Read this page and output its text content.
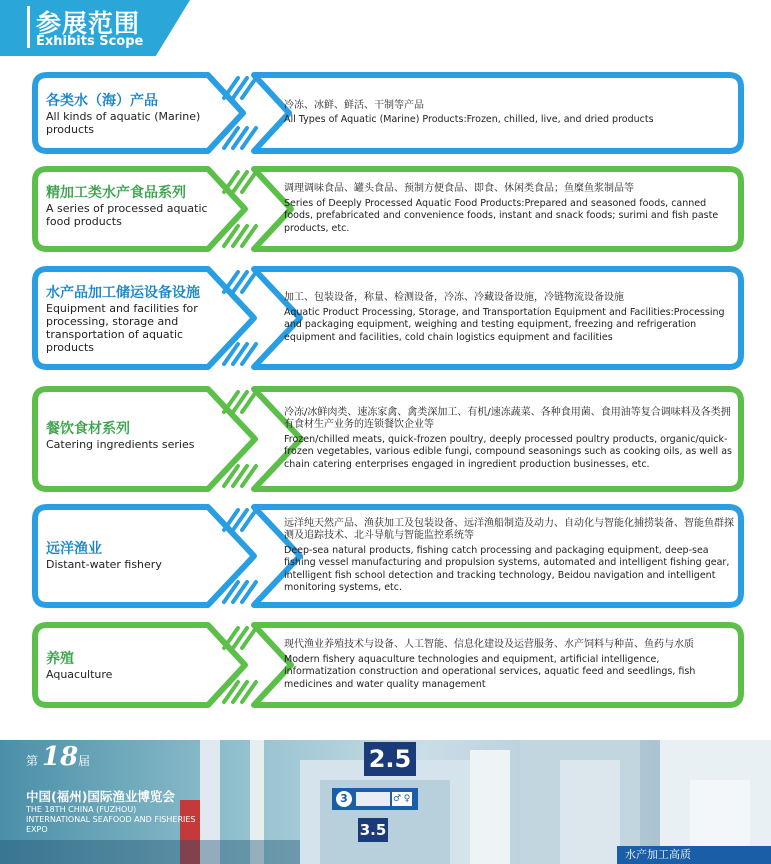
参展范围
Exhibits Scope
各类水（海）产品
All kinds of aquatic (Marine) products
冷冻、冰鲜、鲜活、干制等产品
All Types of Aquatic (Marine) Products:Frozen, chilled, live, and dried products
精加工类水产食品系列
A series of processed aquatic food products
调理调味食品、罐头食品、预制方便食品、即食、休闲类食品；鱼糜鱼浆制品等
Series of Deeply Processed Aquatic Food Products:Prepared and seasoned foods, canned foods, prefabricated and convenience foods, instant and snack foods; surimi and fish paste products, etc.
水产品加工储运设备设施
Equipment and facilities for processing, storage and transportation of aquatic products
加工、包装设备，称量、检测设备，冷冻、冷藏设备设施，冷链物流设备设施
Aquatic Product Processing, Storage, and Transportation Equipment and Facilities:Processing and packaging equipment, weighing and testing equipment, freezing and refrigeration equipment and facilities, cold chain logistics equipment and facilities
餐饮食材系列
Catering ingredients series
冷冻/冰鲜肉类、速冻家禽、禽类深加工、有机/速冻蔬菜、各种食用菌、食用油等复合调味料及各类拥有食材生产业务的连锁餐饮企业等
Frozen/chilled meats, quick-frozen poultry, deeply processed poultry products, organic/quick-frozen vegetables, various edible fungi, compound seasonings such as cooking oils, as well as chain catering enterprises engaged in ingredient production businesses, etc.
远洋渔业
Distant-water fishery
远洋纯天然产品、渔获加工及包装设备、远洋渔船制造及动力、自动化与智能化捕捞装备、智能鱼群探测及追踪技术、北斗导航与智能监控系统等
Deep-sea natural products, fishing catch processing and packaging equipment, deep-sea fishing vessel manufacturing and propulsion systems, automated and intelligent fishing gear, intelligent fish school detection and tracking technology, Beidou navigation and intelligent monitoring systems, etc.
养殖
Aquaculture
现代渔业养殖技术与设备、人工智能、信息化建设及运营服务、水产饲料与种苗、鱼药与水质
Modern fishery aquaculture technologies and equipment, artificial intelligence, informatization construction and operational services, aquatic feed and seedlings, fish medicines and water quality management
第 18 届
中国(福州)国际渔业博览会
THE 18TH CHINA (FUZHOU) INTERNATIONAL SEAFOOD AND FISHERIES EXPO
2.5
3	♂ ♀
3.5
水产加工高质
